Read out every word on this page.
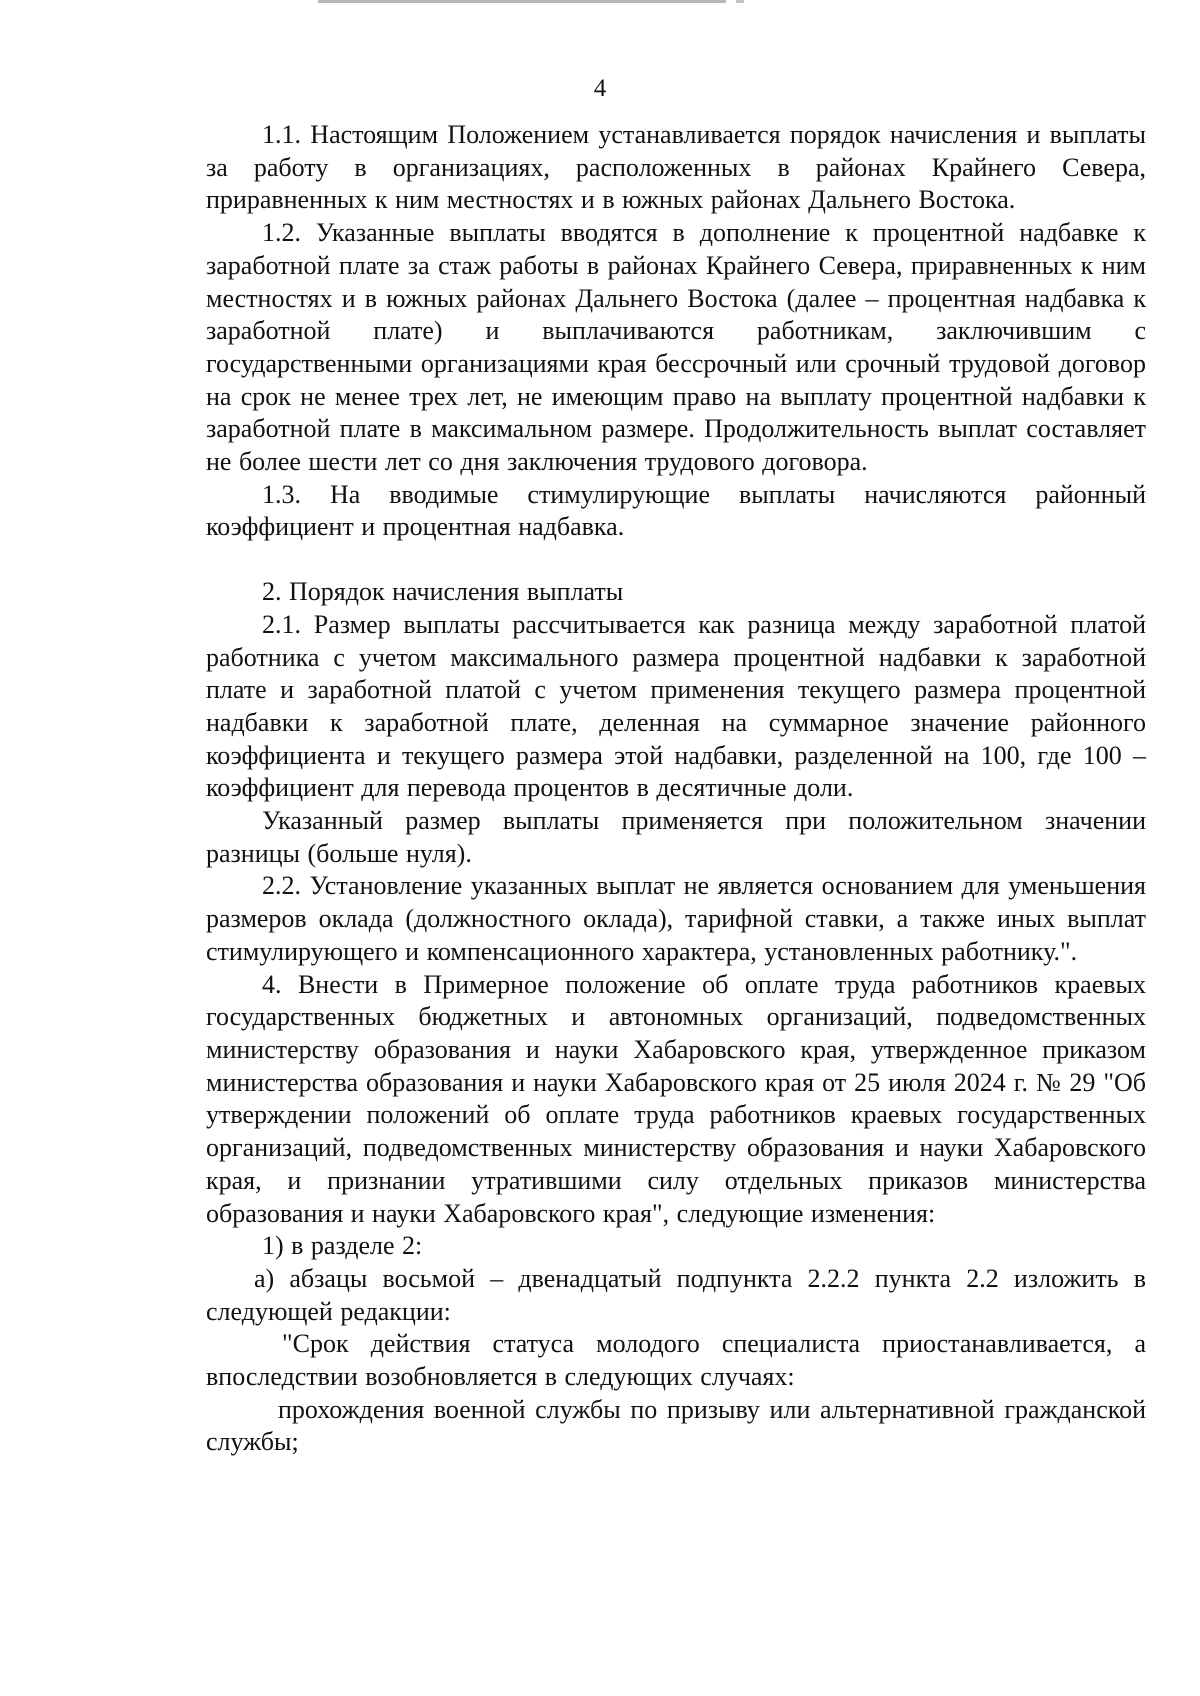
4

1.1. Настоящим Положением устанавливается порядок начисления и выплаты за работу в организациях, расположенных в районах Крайнего Севера, приравненных к ним местностях и в южных районах Дальнего Востока.

1.2. Указанные выплаты вводятся в дополнение к процентной надбавке к заработной плате за стаж работы в районах Крайнего Севера, приравненных к ним местностях и в южных районах Дальнего Востока (далее – процентная надбавка к заработной плате) и выплачиваются работникам, заключившим с государственными организациями края бессрочный или срочный трудовой договор на срок не менее трех лет, не имеющим право на выплату процентной надбавки к заработной плате в максимальном размере. Продолжительность выплат составляет не более шести лет со дня заключения трудового договора.

1.3. На вводимые стимулирующие выплаты начисляются районный коэффициент и процентная надбавка.

2. Порядок начисления выплаты

2.1. Размер выплаты рассчитывается как разница между заработной платой работника с учетом максимального размера процентной надбавки к заработной плате и заработной платой с учетом применения текущего размера процентной надбавки к заработной плате, деленная на суммарное значение районного коэффициента и текущего размера этой надбавки, разделенной на 100, где 100 – коэффициент для перевода процентов в десятичные доли.

Указанный размер выплаты применяется при положительном значении разницы (больше нуля).

2.2. Установление указанных выплат не является основанием для уменьшения размеров оклада (должностного оклада), тарифной ставки, а также иных выплат стимулирующего и компенсационного характера, установленных работнику.".

4. Внести в Примерное положение об оплате труда работников краевых государственных бюджетных и автономных организаций, подведомственных министерству образования и науки Хабаровского края, утвержденное приказом министерства образования и науки Хабаровского края от 25 июля 2024 г. № 29 "Об утверждении положений об оплате труда работников краевых государственных организаций, подведомственных министерству образования и науки Хабаровского края, и признании утратившими силу отдельных приказов министерства образования и науки Хабаровского края", следующие изменения:

1) в разделе 2:

а) абзацы восьмой – двенадцатый подпункта 2.2.2 пункта 2.2 изложить в следующей редакции:

"Срок действия статуса молодого специалиста приостанавливается, а впоследствии возобновляется в следующих случаях:

прохождения военной службы по призыву или альтернативной гражданской службы;
